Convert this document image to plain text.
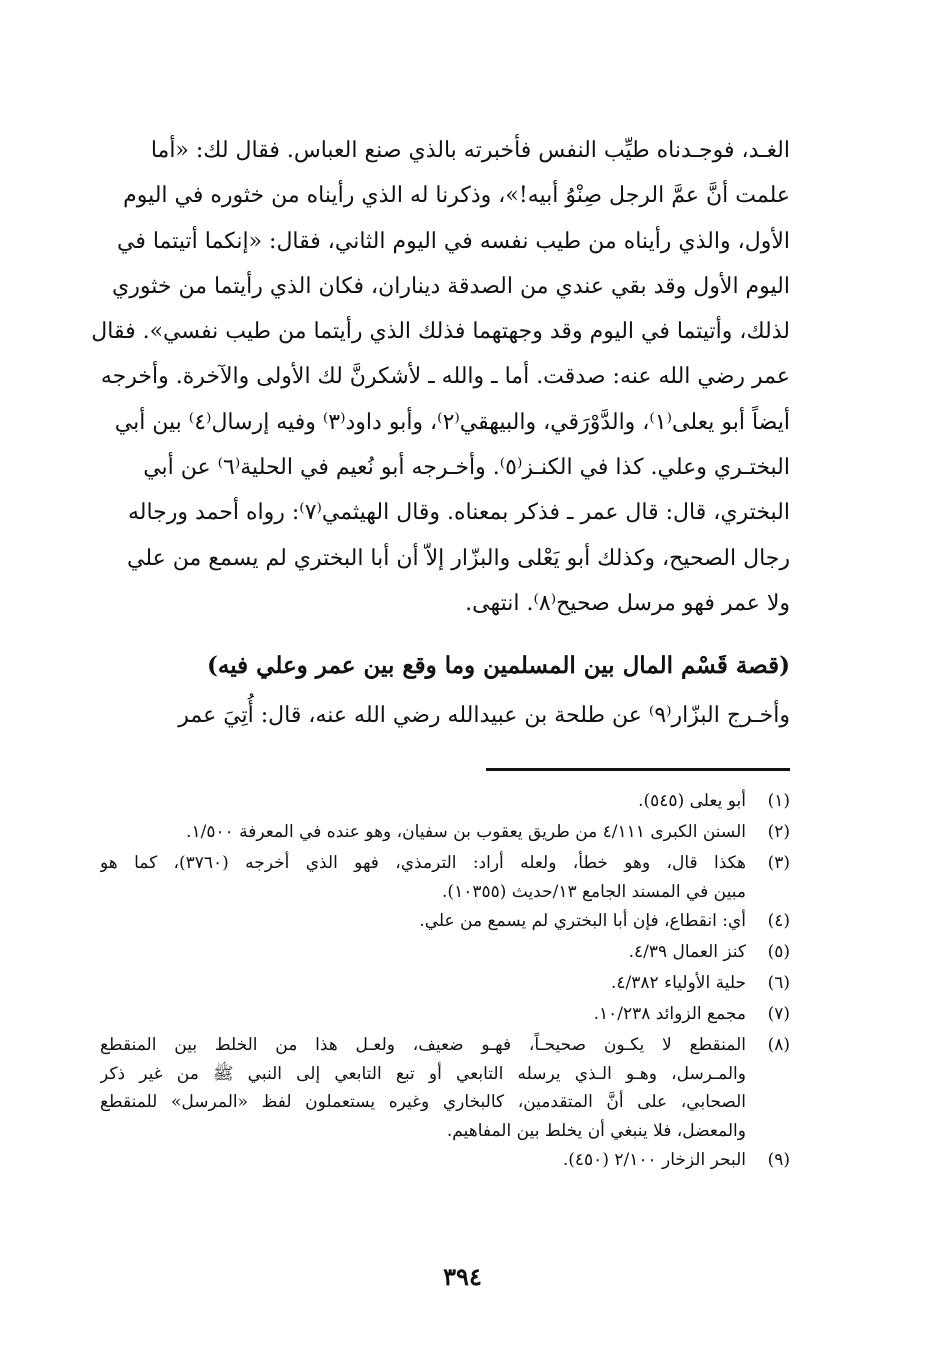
الغـد، فوجـدناه طيِّب النفس فأخبرته بالذي صنع العباس. فقال لك: «أما

علمت أنَّ عمَّ الرجل صِنْوُ أبيه!»، وذكرنا له الذي رأيناه من خثوره في اليوم

الأول، والذي رأيناه من طيب نفسه في اليوم الثاني، فقال: «إنكما أتيتما في

اليوم الأول وقد بقي عندي من الصدقة ديناران، فكان الذي رأيتما من خثوري

لذلك، وأتيتما في اليوم وقد وجهتهما فذلك الذي رأيتما من طيب نفسي». فقال

عمر رضي الله عنه: صدقت. أما ـ والله ـ لأشكرنَّ لك الأولى والآخرة. وأخرجه

أيضاً أبو يعلى⁽١⁾، والدَّوْرَقي، والبيهقي⁽٢⁾، وأبو داود⁽٣⁾ وفيه إرسال⁽٤⁾ بين أبي

البختـري وعلي. كذا في الكنـز⁽٥⁾. وأخـرجه أبو نُعيم في الحلية⁽٦⁾ عن أبي

البختري، قال: قال عمر ـ فذكر بمعناه. وقال الهيثمي⁽٧⁾: رواه أحمد ورجاله

رجال الصحيح، وكذلك أبو يَعْلى والبزّار إلاّ أن أبا البختري لم يسمع من علي

ولا عمر فهو مرسل صحيح⁽٨⁾. انتهى.

(قصة قَسْم المال بين المسلمين وما وقع بين عمر وعلي فيه)
وأخـرج البزّار⁽٩⁾ عن طلحة بن عبيدالله رضي الله عنه، قال: أُتِيَ عمر
(١)
أبو يعلى (٥٤٥).
(٢)
السنن الكبرى ٤/١١١ من طريق يعقوب بن سفيان، وهو عنده في المعرفة ١/٥٠٠.
(٣)
هكذا قال، وهو خطأ، ولعله أراد: الترمذي، فهو الذي أخرجه (٣٧٦٠)، كما هو
مبين في المسند الجامع ١٣/حديث (١٠٣٥٥).
(٤)
أي: انقطاع، فإن أبا البختري لم يسمع من علي.
(٥)
كنز العمال ٤/٣٩.
(٦)
حلية الأولياء ٤/٣٨٢.
(٧)
مجمع الزوائد ١٠/٢٣٨.
(٨)
المنقطع لا يكـون صحيحـاً، فهـو ضعيف، ولعـل هذا من الخلط بين المنقطع
والمـرسل، وهـو الـذي يرسله التابعي أو تبع التابعي إلى النبي ﷺ من غير ذكر
الصحابي، على أنَّ المتقدمين، كالبخاري وغيره يستعملون لفظ «المرسل» للمنقطع
والمعضل، فلا ينبغي أن يخلط بين المفاهيم.
(٩)
البحر الزخار ٢/١٠٠ (٤٥٠).
٣٩٤
